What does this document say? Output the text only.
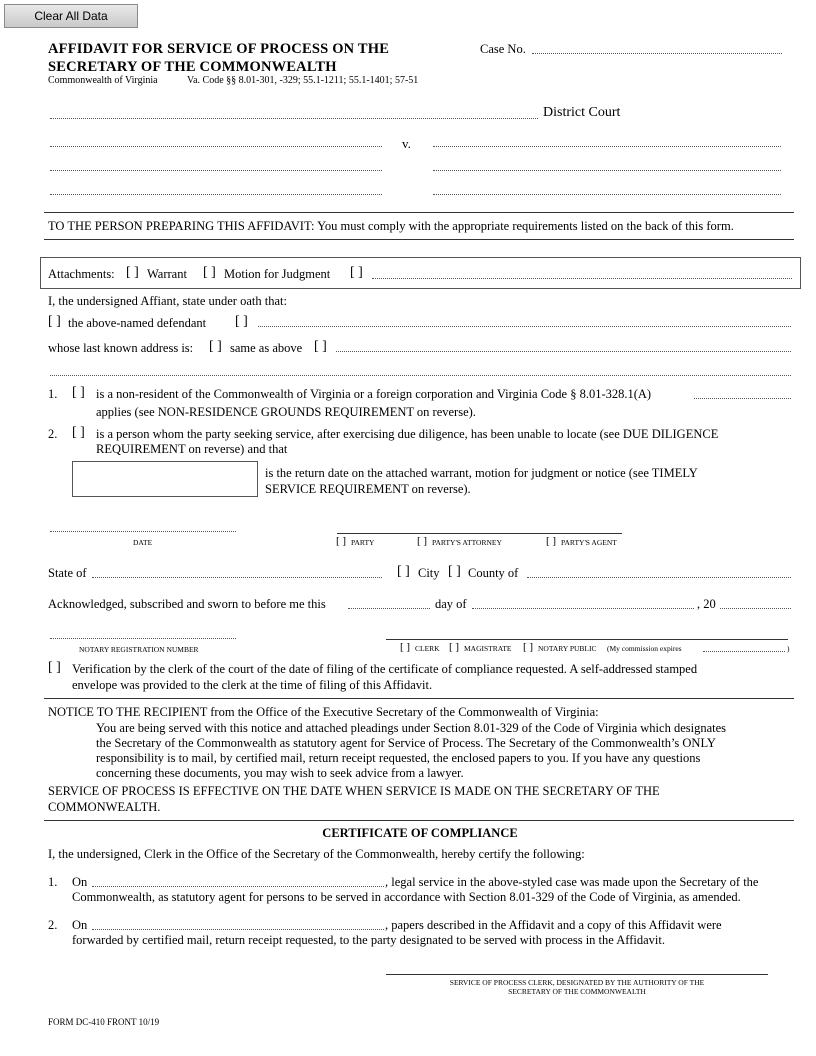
Clear All Data
AFFIDAVIT FOR SERVICE OF PROCESS ON THE
SECRETARY OF THE COMMONWEALTH
Commonwealth of Virginia	Va. Code §§ 8.01-301, -329; 55.1-1211; 55.1-1401; 57-51
Case No.
District Court
v.
TO THE PERSON PREPARING THIS AFFIDAVIT: You must comply with the appropriate requirements listed on the back of this form.
Attachments: [ ] Warrant [ ] Motion for Judgment [ ]
I, the undersigned Affiant, state under oath that:
[ ] the above-named defendant [ ]
whose last known address is: [ ] same as above [ ]
1. [ ] is a non-resident of the Commonwealth of Virginia or a foreign corporation and Virginia Code § 8.01-328.1(A)
applies (see NON-RESIDENCE GROUNDS REQUIREMENT on reverse).
2. [ ] is a person whom the party seeking service, after exercising due diligence, has been unable to locate (see DUE DILIGENCE
REQUIREMENT on reverse) and that
is the return date on the attached warrant, motion for judgment or notice (see TIMELY
SERVICE REQUIREMENT on reverse).
DATE	[ ] PARTY	[ ] PARTY'S ATTORNEY	[ ] PARTY'S AGENT
State of	[ ] City [ ] County of
Acknowledged, subscribed and sworn to before me this	day of	, 20
NOTARY REGISTRATION NUMBER	[ ] CLERK [ ] MAGISTRATE [ ] NOTARY PUBLIC (My commission expires	)
[ ] Verification by the clerk of the court of the date of filing of the certificate of compliance requested. A self-addressed stamped
envelope was provided to the clerk at the time of filing of this Affidavit.
NOTICE TO THE RECIPIENT from the Office of the Executive Secretary of the Commonwealth of Virginia:
You are being served with this notice and attached pleadings under Section 8.01-329 of the Code of Virginia which designates
the Secretary of the Commonwealth as statutory agent for Service of Process. The Secretary of the Commonwealth’s ONLY
responsibility is to mail, by certified mail, return receipt requested, the enclosed papers to you. If you have any questions
concerning these documents, you may wish to seek advice from a lawyer.
SERVICE OF PROCESS IS EFFECTIVE ON THE DATE WHEN SERVICE IS MADE ON THE SECRETARY OF THE
COMMONWEALTH.
CERTIFICATE OF COMPLIANCE
I, the undersigned, Clerk in the Office of the Secretary of the Commonwealth, hereby certify the following:
1. On	, legal service in the above-styled case was made upon the Secretary of the
Commonwealth, as statutory agent for persons to be served in accordance with Section 8.01-329 of the Code of Virginia, as amended.
2. On	, papers described in the Affidavit and a copy of this Affidavit were
forwarded by certified mail, return receipt requested, to the party designated to be served with process in the Affidavit.
SERVICE OF PROCESS CLERK, DESIGNATED BY THE AUTHORITY OF THE
SECRETARY OF THE COMMONWEALTH
FORM DC-410 FRONT 10/19
